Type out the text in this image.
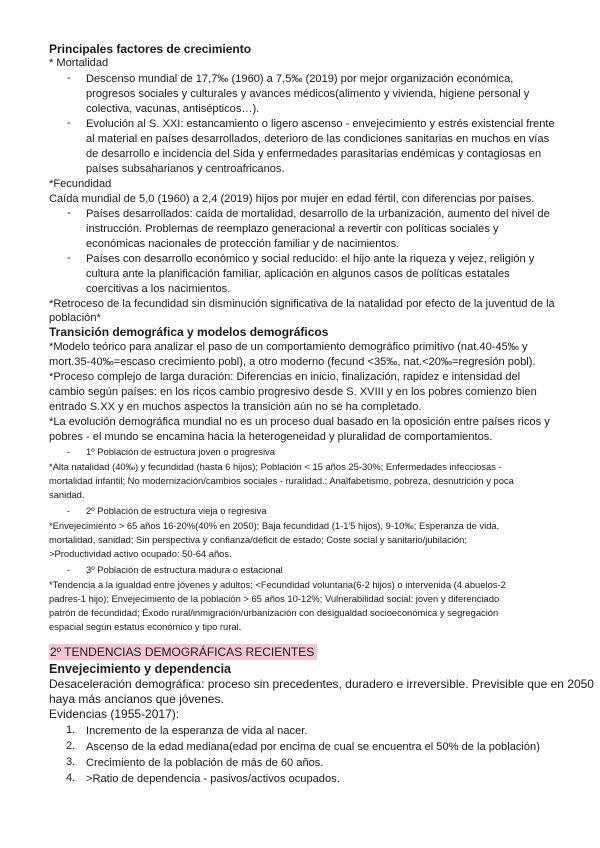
Principales factores de crecimiento
* Mortalidad
- Descenso mundial de 17,7‰ (1960) a 7,5‰ (2019) por mejor organización económica,
progresos sociales y culturales y avances médicos(alimento y vivienda, higiene personal y
colectiva, vacunas, antisépticos…).
- Evolución al S. XXI: estancamiento o ligero ascenso - envejecimiento y estrés existencial frente
al material en países desarrollados, deterioro de las condiciones sanitarias en muchos en vías
de desarrollo e incidencia del Sida y enfermedades parasitarias endémicas y contagiosas en
países subsaharianos y centroafricanos.
*Fecundidad
Caída mundial de 5,0 (1960) a 2,4 (2019) hijos por mujer en edad fértil, con diferencias por países.
- Países desarrollados: caída de mortalidad, desarrollo de la urbanización, aumento del nivel de
instrucción. Problemas de reemplazo generacional a revertir con políticas sociales y
económicas nacionales de protección familiar y de nacimientos.
- Países con desarrollo económico y social reducido: el hijo ante la riqueza y vejez, religión y
cultura ante la planificación familiar, aplicación en algunos casos de políticas estatales
coercitivas a los nacimientos.
*Retroceso de la fecundidad sin disminución significativa de la natalidad por efecto de la juventud de la
población*
Transición demográfica y modelos demográficos
*Modelo teórico para analizar el paso de un comportamiento demográfico primitivo (nat.40-45‰ y
mort.35-40‰=escaso crecimiento pobl), a otro moderno (fecund <35‰, nat.<20‰=regresión pobl).
*Proceso complejo de larga duración: Diferencias en inicio, finalización, rapidez e intensidad del
cambio según países: en los ricos cambio progresivo desde S. XVIII y en los pobres comienzo bien
entrado S.XX y en muchos aspectos la transición aún no se ha completado.
*La evolución demográfica mundial no es un proceso dual basado en la oposición entre países ricos y
pobres - el mundo se encamina hacia la heterogeneidad y pluralidad de comportamientos.
- 1º Población de estructura joven o progresiva
*Alta natalidad (40‰) y fecundidad (hasta 6 hijos); Población < 15 años 25-30%; Enfermedades infecciosas -
mortalidad infantil; No modernización/cambios sociales - ruralidad.; Analfabetismo, pobreza, desnutrición y poca
sanidad.
- 2º Población de estructura vieja o regresiva
*Envejecimiento > 65 años 16-20%(40% en 2050); Baja fecundidad (1-1'5 hijos), 9-10‰; Esperanza de vida,
mortalidad, sanidad; Sin perspectiva y confianza/déficit de estado; Coste social y sanitario/jubilación;
>Productividad activo ocupado: 50-64 años.
- 3º Población de estructura madura o estacional
*Tendencia a la igualdad entre jóvenes y adultos; <Fecundidad voluntaria(6-2 hijos) o intervenida (4 abuelos-2
padres-1 hijo); Envejecimiento de la población > 65 años 10-12%; Vulnerabilidad social: joven y diferenciado
patrón de fecundidad; Éxodo rural/inmigración/urbanización con desigualdad socioeconómica y segregación
espacial según estatus económico y tipo rural.
2º TENDENCIAS DEMOGRÁFICAS RECIENTES
Envejecimiento y dependencia
Desaceleración demográfica: proceso sin precedentes, duradero e irreversible. Previsible que en 2050
haya más ancianos que jóvenes.
Evidencias (1955-2017):
1. Incremento de la esperanza de vida al nacer.
2. Ascenso de la edad mediana(edad por encima de cual se encuentra el 50% de la población)
3. Crecimiento de la población de más de 60 años.
4. >Ratio de dependencia - pasivos/activos ocupados.
